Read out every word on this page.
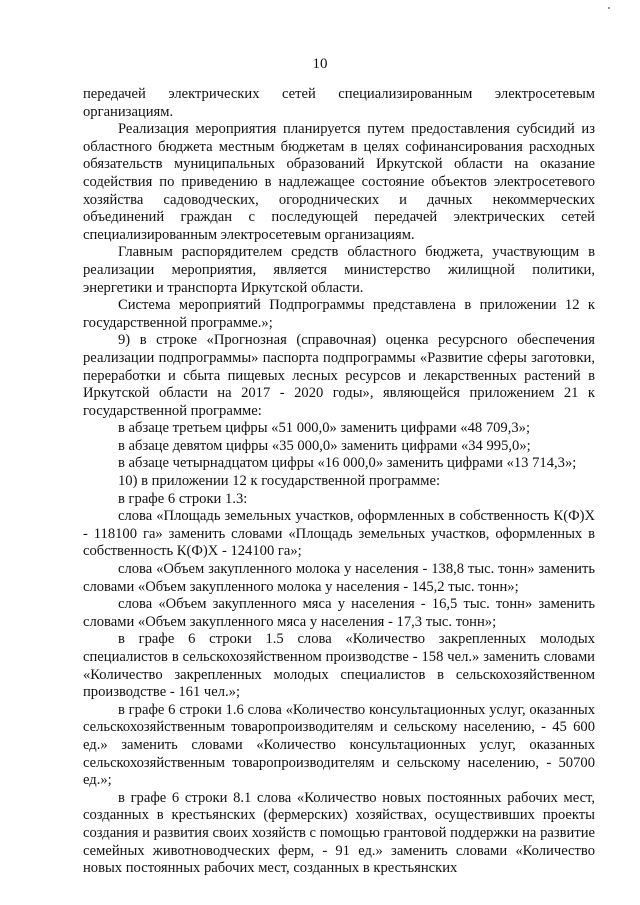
10

передачей электрических сетей специализированным электросетевым организациям.

Реализация мероприятия планируется путем предоставления субсидий из областного бюджета местным бюджетам в целях софинансирования расходных обязательств муниципальных образований Иркутской области на оказание содействия по приведению в надлежащее состояние объектов электросетевого хозяйства садоводческих, огороднических и дачных некоммерческих объединений граждан с последующей передачей электрических сетей специализированным электросетевым организациям.

Главным распорядителем средств областного бюджета, участвующим в реализации мероприятия, является министерство жилищной политики, энергетики и транспорта Иркутской области.

Система мероприятий Подпрограммы представлена в приложении 12 к государственной программе.»;

9) в строке «Прогнозная (справочная) оценка ресурсного обеспечения реализации подпрограммы» паспорта подпрограммы «Развитие сферы заготовки, переработки и сбыта пищевых лесных ресурсов и лекарственных растений в Иркутской области на 2017 - 2020 годы», являющейся приложением 21 к государственной программе:

в абзаце третьем цифры «51 000,0» заменить цифрами «48 709,3»;

в абзаце девятом цифры «35 000,0» заменить цифрами «34 995,0»;

в абзаце четырнадцатом цифры «16 000,0» заменить цифрами «13 714,3»;

10) в приложении 12 к государственной программе:

в графе 6 строки 1.3:

слова «Площадь земельных участков, оформленных в собственность К(Ф)Х - 118100 га» заменить словами «Площадь земельных участков, оформленных в собственность К(Ф)Х - 124100 га»;

слова «Объем закупленного молока у населения - 138,8 тыс. тонн» заменить словами «Объем закупленного молока у населения - 145,2 тыс. тонн»;

слова «Объем закупленного мяса у населения - 16,5 тыс. тонн» заменить словами «Объем закупленного мяса у населения - 17,3 тыс. тонн»;

в графе 6 строки 1.5 слова «Количество закрепленных молодых специалистов в сельскохозяйственном производстве - 158 чел.» заменить словами «Количество закрепленных молодых специалистов в сельскохозяйственном производстве - 161 чел.»;

в графе 6 строки 1.6 слова «Количество консультационных услуг, оказанных сельскохозяйственным товаропроизводителям и сельскому населению, - 45 600 ед.» заменить словами «Количество консультационных услуг, оказанных сельскохозяйственным товаропроизводителям и сельскому населению, - 50700 ед.»;

в графе 6 строки 8.1 слова «Количество новых постоянных рабочих мест, созданных в крестьянских (фермерских) хозяйствах, осуществивших проекты создания и развития своих хозяйств с помощью грантовой поддержки на развитие семейных животноводческих ферм, - 91 ед.» заменить словами «Количество новых постоянных рабочих мест, созданных в крестьянских
